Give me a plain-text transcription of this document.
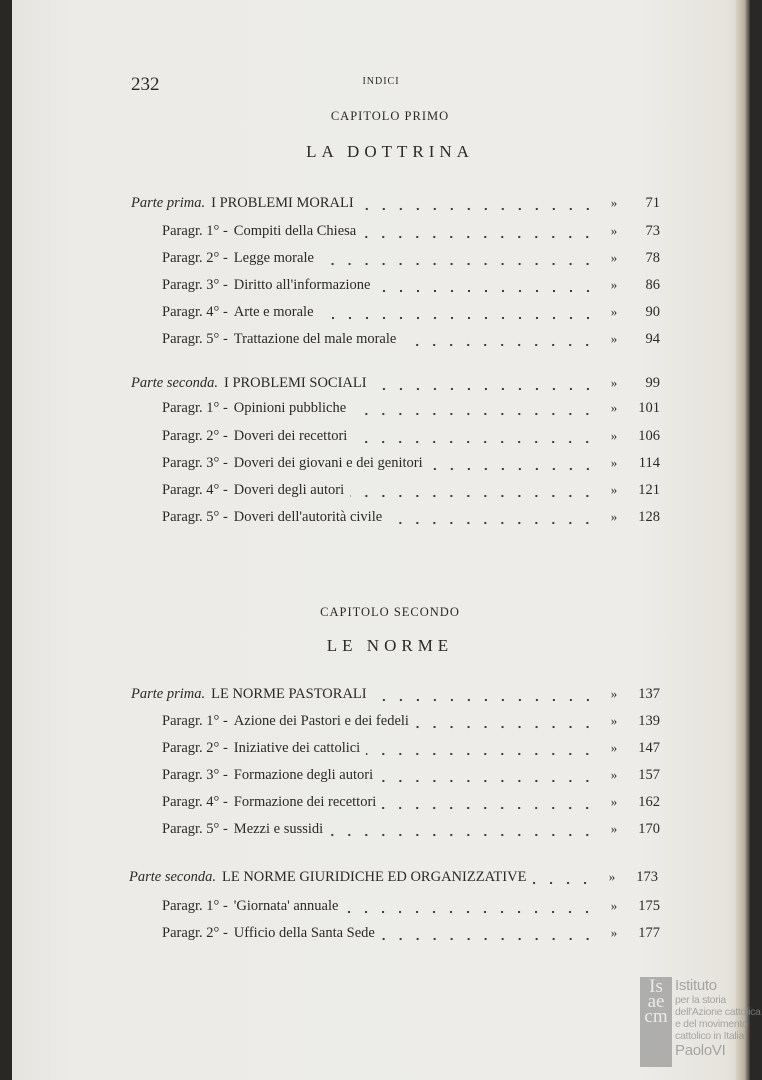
232	INDICI
CAPITOLO PRIMO
LA DOTTRINA
Parte prima. I PROBLEMI MORALI	»	71
Paragr. 1° - Compiti della Chiesa	»	73
Paragr. 2° - Legge morale	»	78
Paragr. 3° - Diritto all'informazione	»	86
Paragr. 4° - Arte e morale	»	90
Paragr. 5° - Trattazione del male morale	»	94
Parte seconda. I PROBLEMI SOCIALI	»	99
Paragr. 1° - Opinioni pubbliche	»	101
Paragr. 2° - Doveri dei recettori	»	106
Paragr. 3° - Doveri dei giovani e dei genitori	»	114
Paragr. 4° - Doveri degli autori	»	121
Paragr. 5° - Doveri dell'autorità civile	»	128
CAPITOLO SECONDO
LE NORME
Parte prima. LE NORME PASTORALI	»	137
Paragr. 1° - Azione dei Pastori e dei fedeli	»	139
Paragr. 2° - Iniziative dei cattolici	»	147
Paragr. 3° - Formazione degli autori	»	157
Paragr. 4° - Formazione dei recettori	»	162
Paragr. 5° - Mezzi e sussidi	»	170
Parte seconda. LE NORME GIURIDICHE ED ORGANIZZATIVE	»	173
Paragr. 1° - 'Giornata' annuale	»	175
Paragr. 2° - Ufficio della Santa Sede	»	177
Is
ae
cm
Istituto
per la storia
dell'Azione cattolica
e del movimento
cattolico in Italia
PaoloVI
